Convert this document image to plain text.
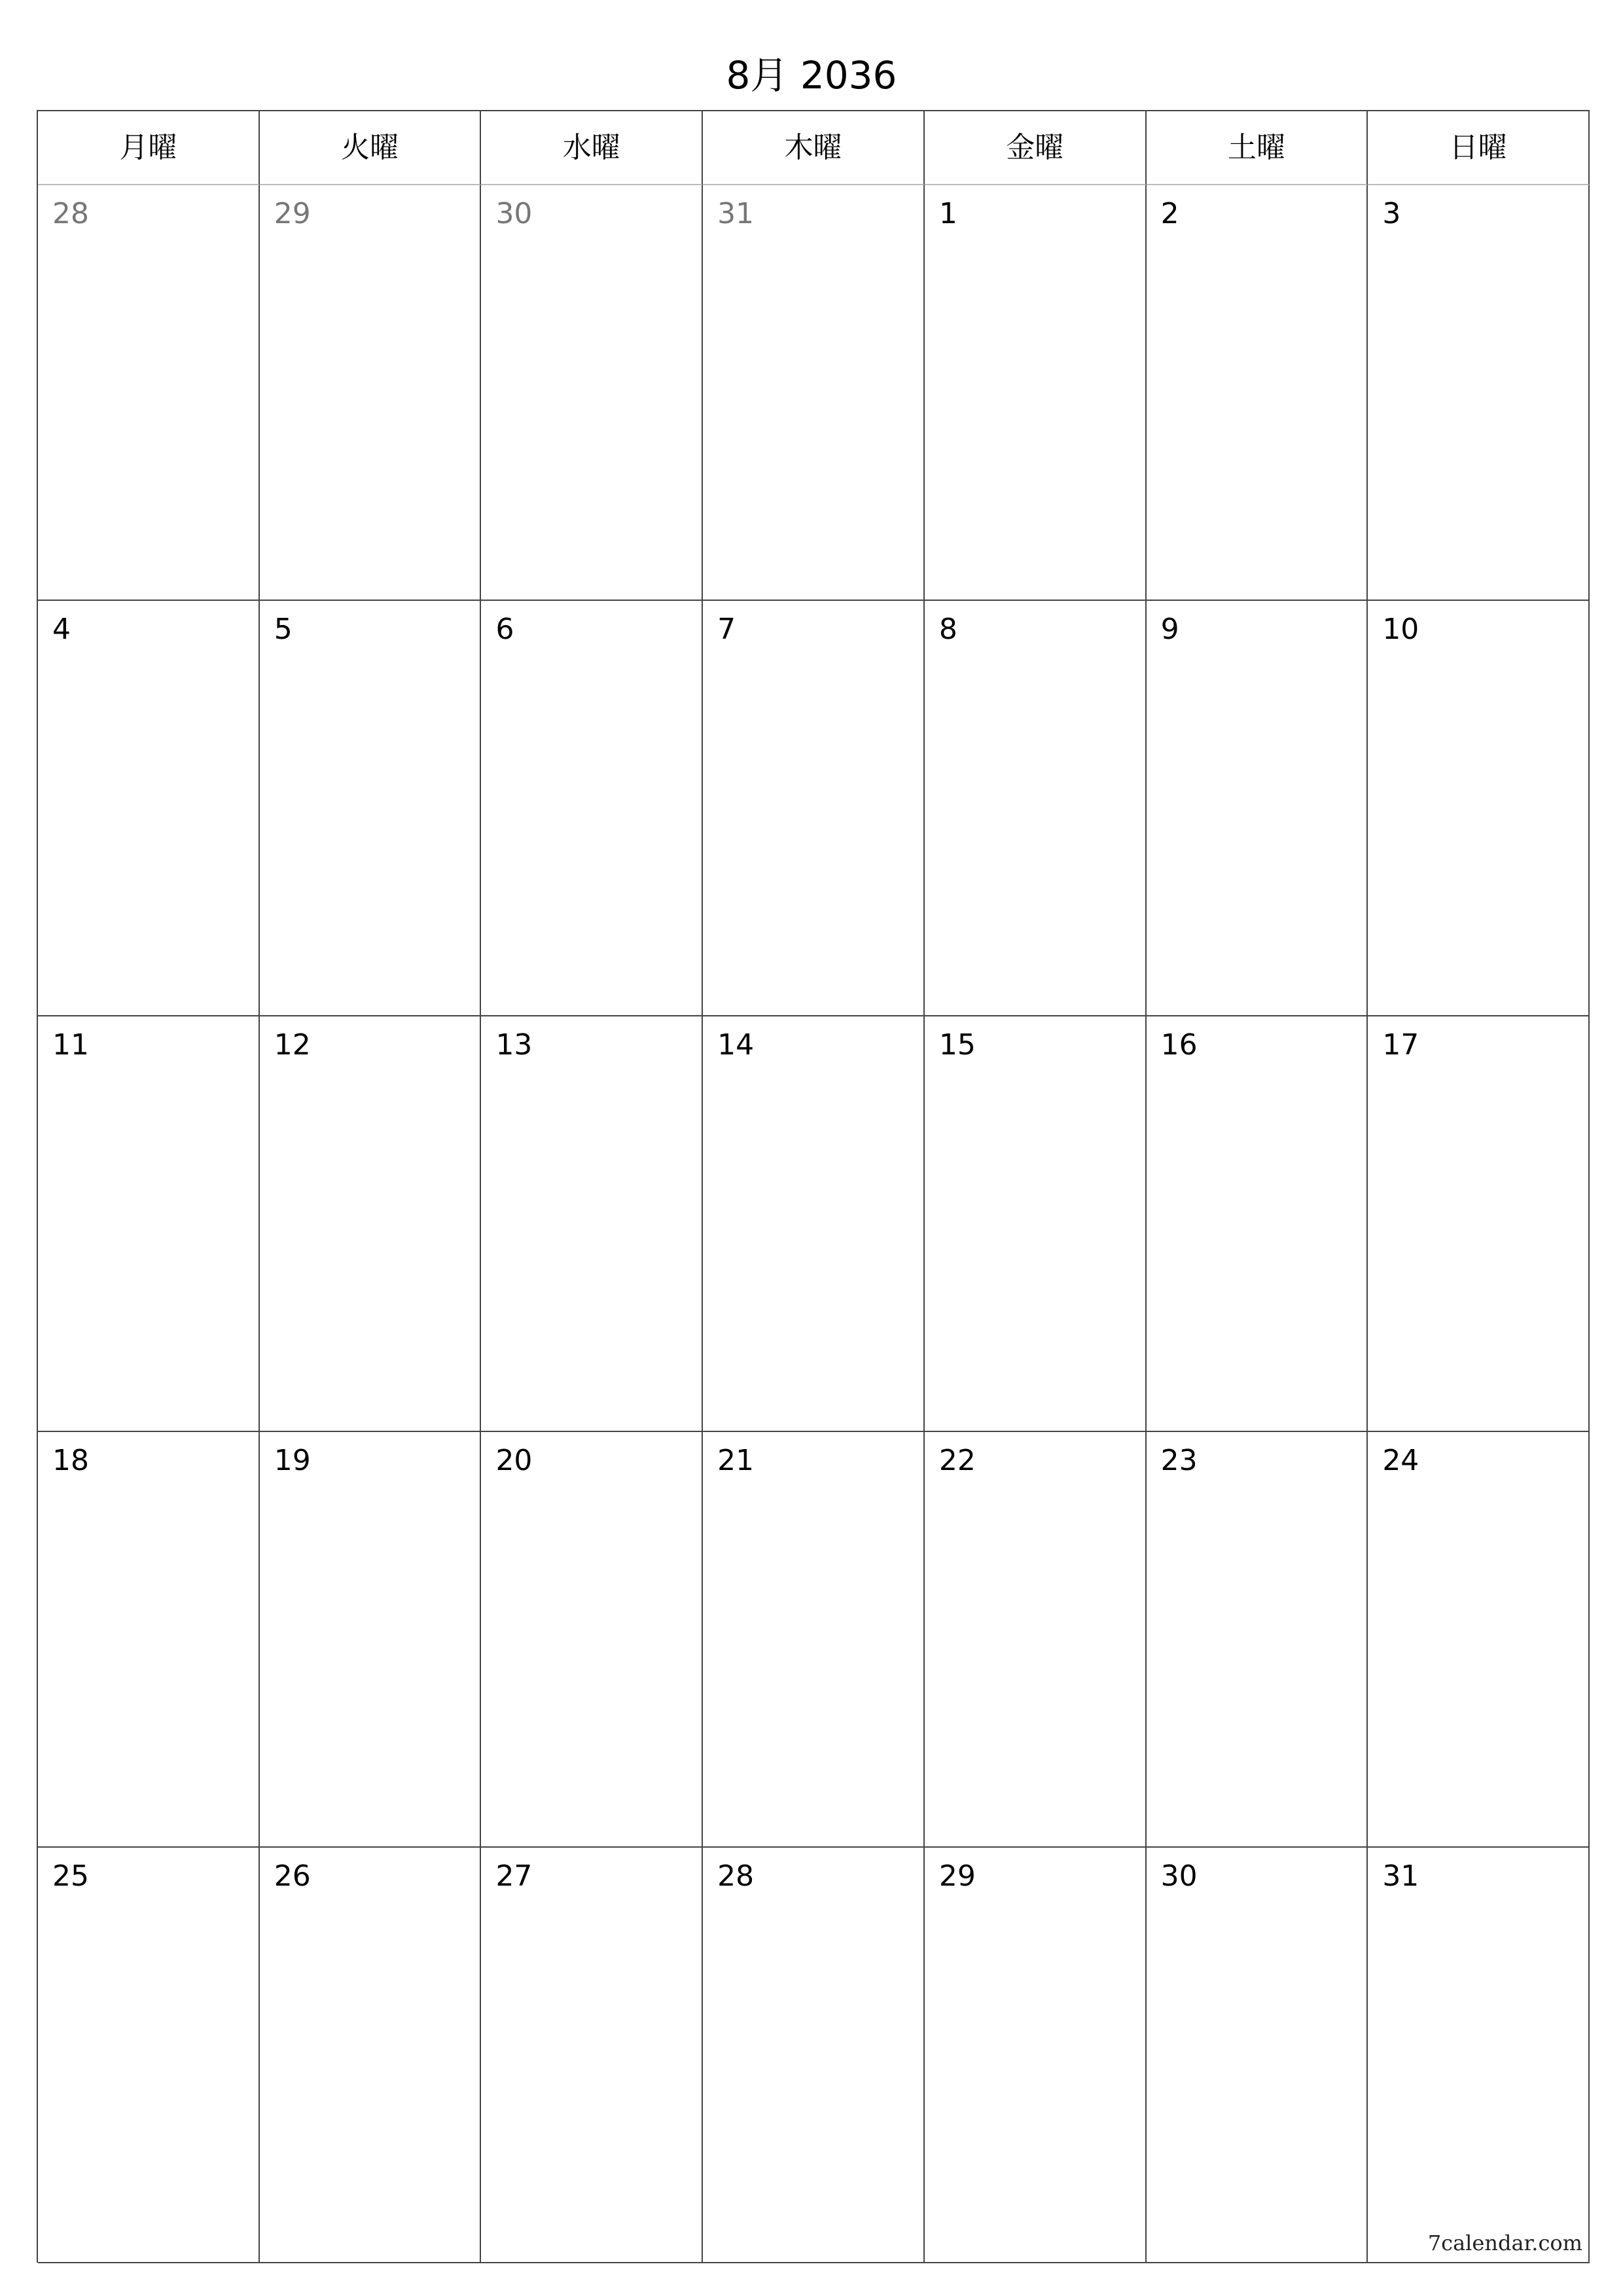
8月 2036
月曜	火曜	水曜	木曜	金曜	土曜	日曜
28	29	30	31	1	2	3
4	5	6	7	8	9	10
11	12	13	14	15	16	17
18	19	20	21	22	23	24
25	26	27	28	29	30	31
7calendar.com
